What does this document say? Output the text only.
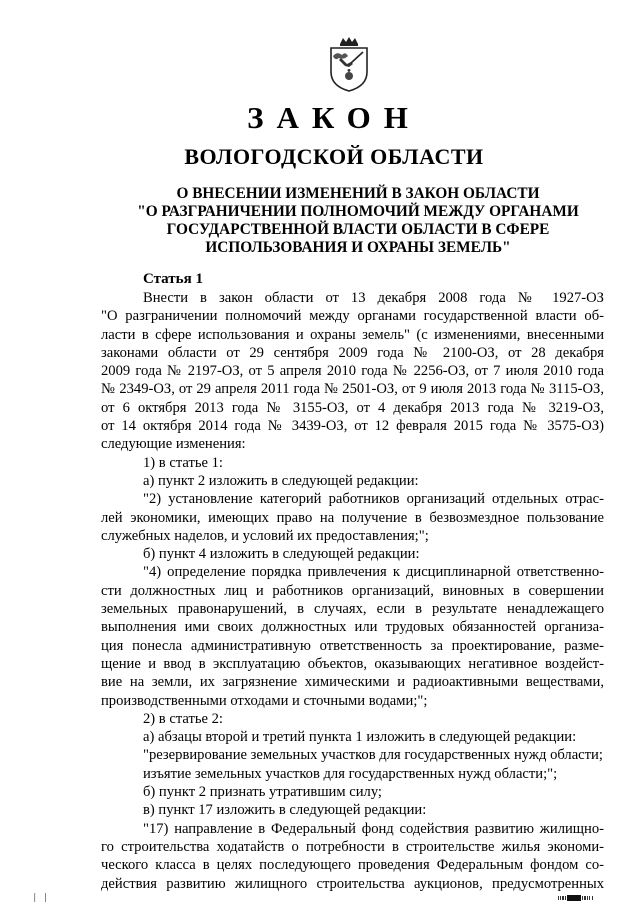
ЗАКОН
ВОЛОГОДСКОЙ ОБЛАСТИ
О ВНЕСЕНИИ ИЗМЕНЕНИЙ В ЗАКОН ОБЛАСТИ
"О РАЗГРАНИЧЕНИИ ПОЛНОМОЧИЙ МЕЖДУ ОРГАНАМИ
ГОСУДАРСТВЕННОЙ ВЛАСТИ ОБЛАСТИ В СФЕРЕ
ИСПОЛЬЗОВАНИЯ И ОХРАНЫ ЗЕМЕЛЬ"
Статья 1
Внести в закон области от 13 декабря 2008 года № 1927-ОЗ
"О разграничении полномочий между органами государственной власти об-
ласти в сфере использования и охраны земель" (с изменениями, внесенными
законами области от 29 сентября 2009 года № 2100-ОЗ, от 28 декабря
2009 года № 2197-ОЗ, от 5 апреля 2010 года № 2256-ОЗ, от 7 июля 2010 года
№ 2349-ОЗ, от 29 апреля 2011 года № 2501-ОЗ, от 9 июля 2013 года № 3115-ОЗ,
от 6 октября 2013 года № 3155-ОЗ, от 4 декабря 2013 года № 3219-ОЗ,
от 14 октября 2014 года № 3439-ОЗ, от 12 февраля 2015 года № 3575-ОЗ)
следующие изменения:
1) в статье 1:
а) пункт 2 изложить в следующей редакции:
"2) установление категорий работников организаций отдельных отрас-
лей экономики, имеющих право на получение в безвозмездное пользование
служебных наделов, и условий их предоставления;";
б) пункт 4 изложить в следующей редакции:
"4) определение порядка привлечения к дисциплинарной ответственно-
сти должностных лиц и работников организаций, виновных в совершении
земельных правонарушений, в случаях, если в результате ненадлежащего
выполнения ими своих должностных или трудовых обязанностей организа-
ция понесла административную ответственность за проектирование, разме-
щение и ввод в эксплуатацию объектов, оказывающих негативное воздейст-
вие на земли, их загрязнение химическими и радиоактивными веществами,
производственными отходами и сточными водами;";
2) в статье 2:
а) абзацы второй и третий пункта 1 изложить в следующей редакции:
"резервирование земельных участков для государственных нужд области;
изъятие земельных участков для государственных нужд области;";
б) пункт 2 признать утратившим силу;
в) пункт 17 изложить в следующей редакции:
"17) направление в Федеральный фонд содействия развитию жилищно-
го строительства ходатайств о потребности в строительстве жилья экономи-
ческого класса в целях последующего проведения Федеральным фондом со-
действия развитию жилищного строительства аукционов, предусмотренных
| |
